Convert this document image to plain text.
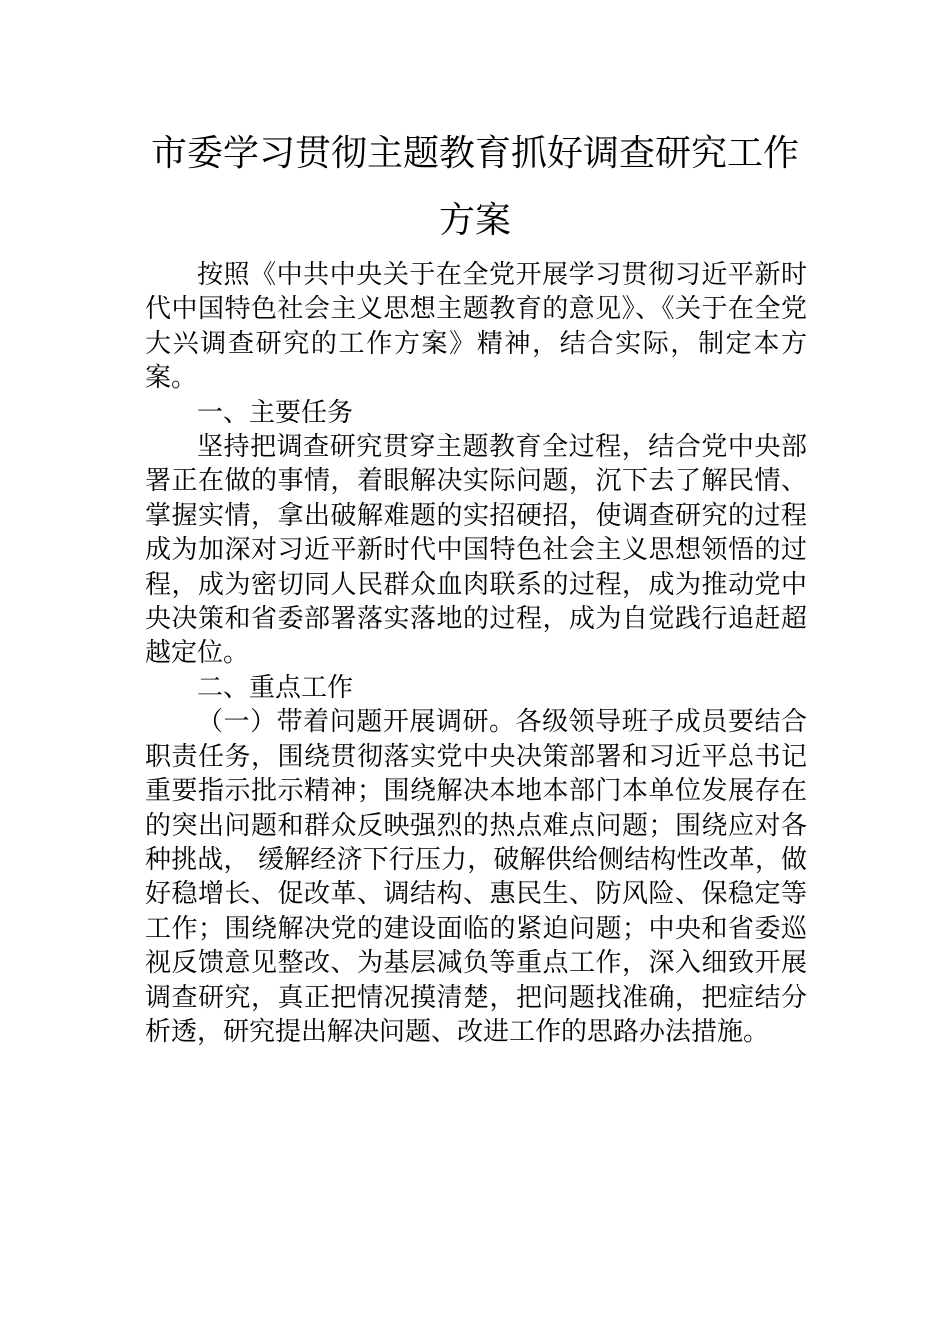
市委学习贯彻主题教育抓好调查研究工作
方案

按照《中共中央关于在全党开展学习贯彻习近平新时代中国特色社会主义思想主题教育的意见》、《关于在全党大兴调查研究的工作方案》精神，结合实际，制定本方案。

一、主要任务

坚持把调查研究贯穿主题教育全过程，结合党中央部署正在做的事情，着眼解决实际问题，沉下去了解民情、掌握实情，拿出破解难题的实招硬招，使调查研究的过程成为加深对习近平新时代中国特色社会主义思想领悟的过程，成为密切同人民群众血肉联系的过程，成为推动党中央决策和省委部署落实落地的过程，成为自觉践行追赶超越定位。

二、重点工作

（一）带着问题开展调研。各级领导班子成员要结合职责任务，围绕贯彻落实党中央决策部署和习近平总书记重要指示批示精神；围绕解决本地本部门本单位发展存在的突出问题和群众反映强烈的热点难点问题；围绕应对各种挑战， 缓解经济下行压力，破解供给侧结构性改革，做好稳增长、促改革、调结构、惠民生、防风险、保稳定等工作；围绕解决党的建设面临的紧迫问题；中央和省委巡视反馈意见整改、为基层减负等重点工作，深入细致开展调查研究，真正把情况摸清楚，把问题找准确，把症结分析透，研究提出解决问题、改进工作的思路办法措施。
